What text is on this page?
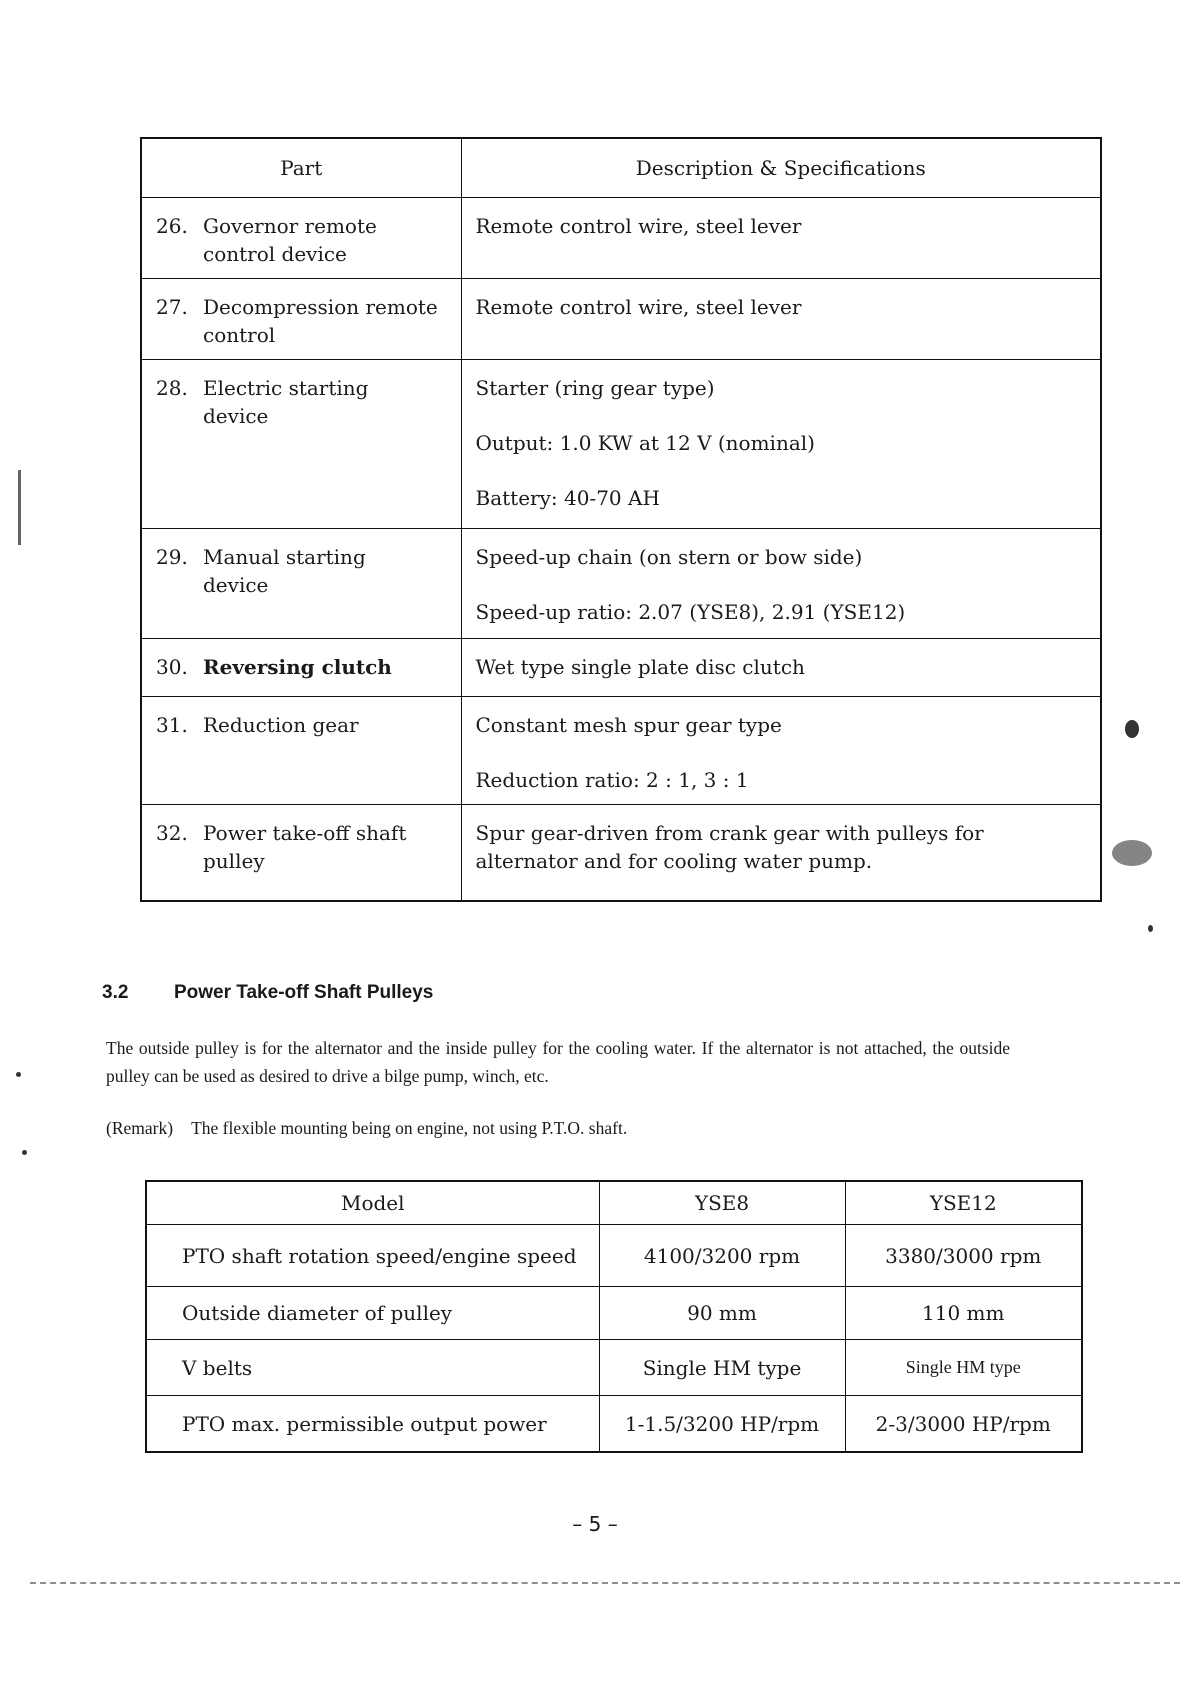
Part	Description & Specifications

26. Governor remote
control device	Remote control wire, steel lever

27. Decompression remote
control	Remote control wire, steel lever

28. Electric starting
device	Starter (ring gear type)
Output: 1.0 KW at 12 V (nominal)
Battery: 40-70 AH

29. Manual starting
device	Speed-up chain (on stern or bow side)
Speed-up ratio: 2.07 (YSE8), 2.91 (YSE12)

30. Reversing clutch	Wet type single plate disc clutch

31. Reduction gear	Constant mesh spur gear type
Reduction ratio: 2 : 1, 3 : 1

32. Power take-off shaft
pulley	Spur gear-driven from crank gear with pulleys for alternator and for cooling water pump.
3.2 Power Take-off Shaft Pulleys

The outside pulley is for the alternator and the inside pulley for the cooling water. If the alternator is not attached, the outside pulley can be used as desired to drive a bilge pump, winch, etc.

(Remark) The flexible mounting being on engine, not using P.T.O. shaft.
Model	YSE8	YSE12
PTO shaft rotation speed/engine speed	4100/3200 rpm	3380/3000 rpm
Outside diameter of pulley	90 mm	110 mm
V belts	Single HM type	Single HM type
PTO max. permissible output power	1-1.5/3200 HP/rpm	2-3/3000 HP/rpm
– 5 –
